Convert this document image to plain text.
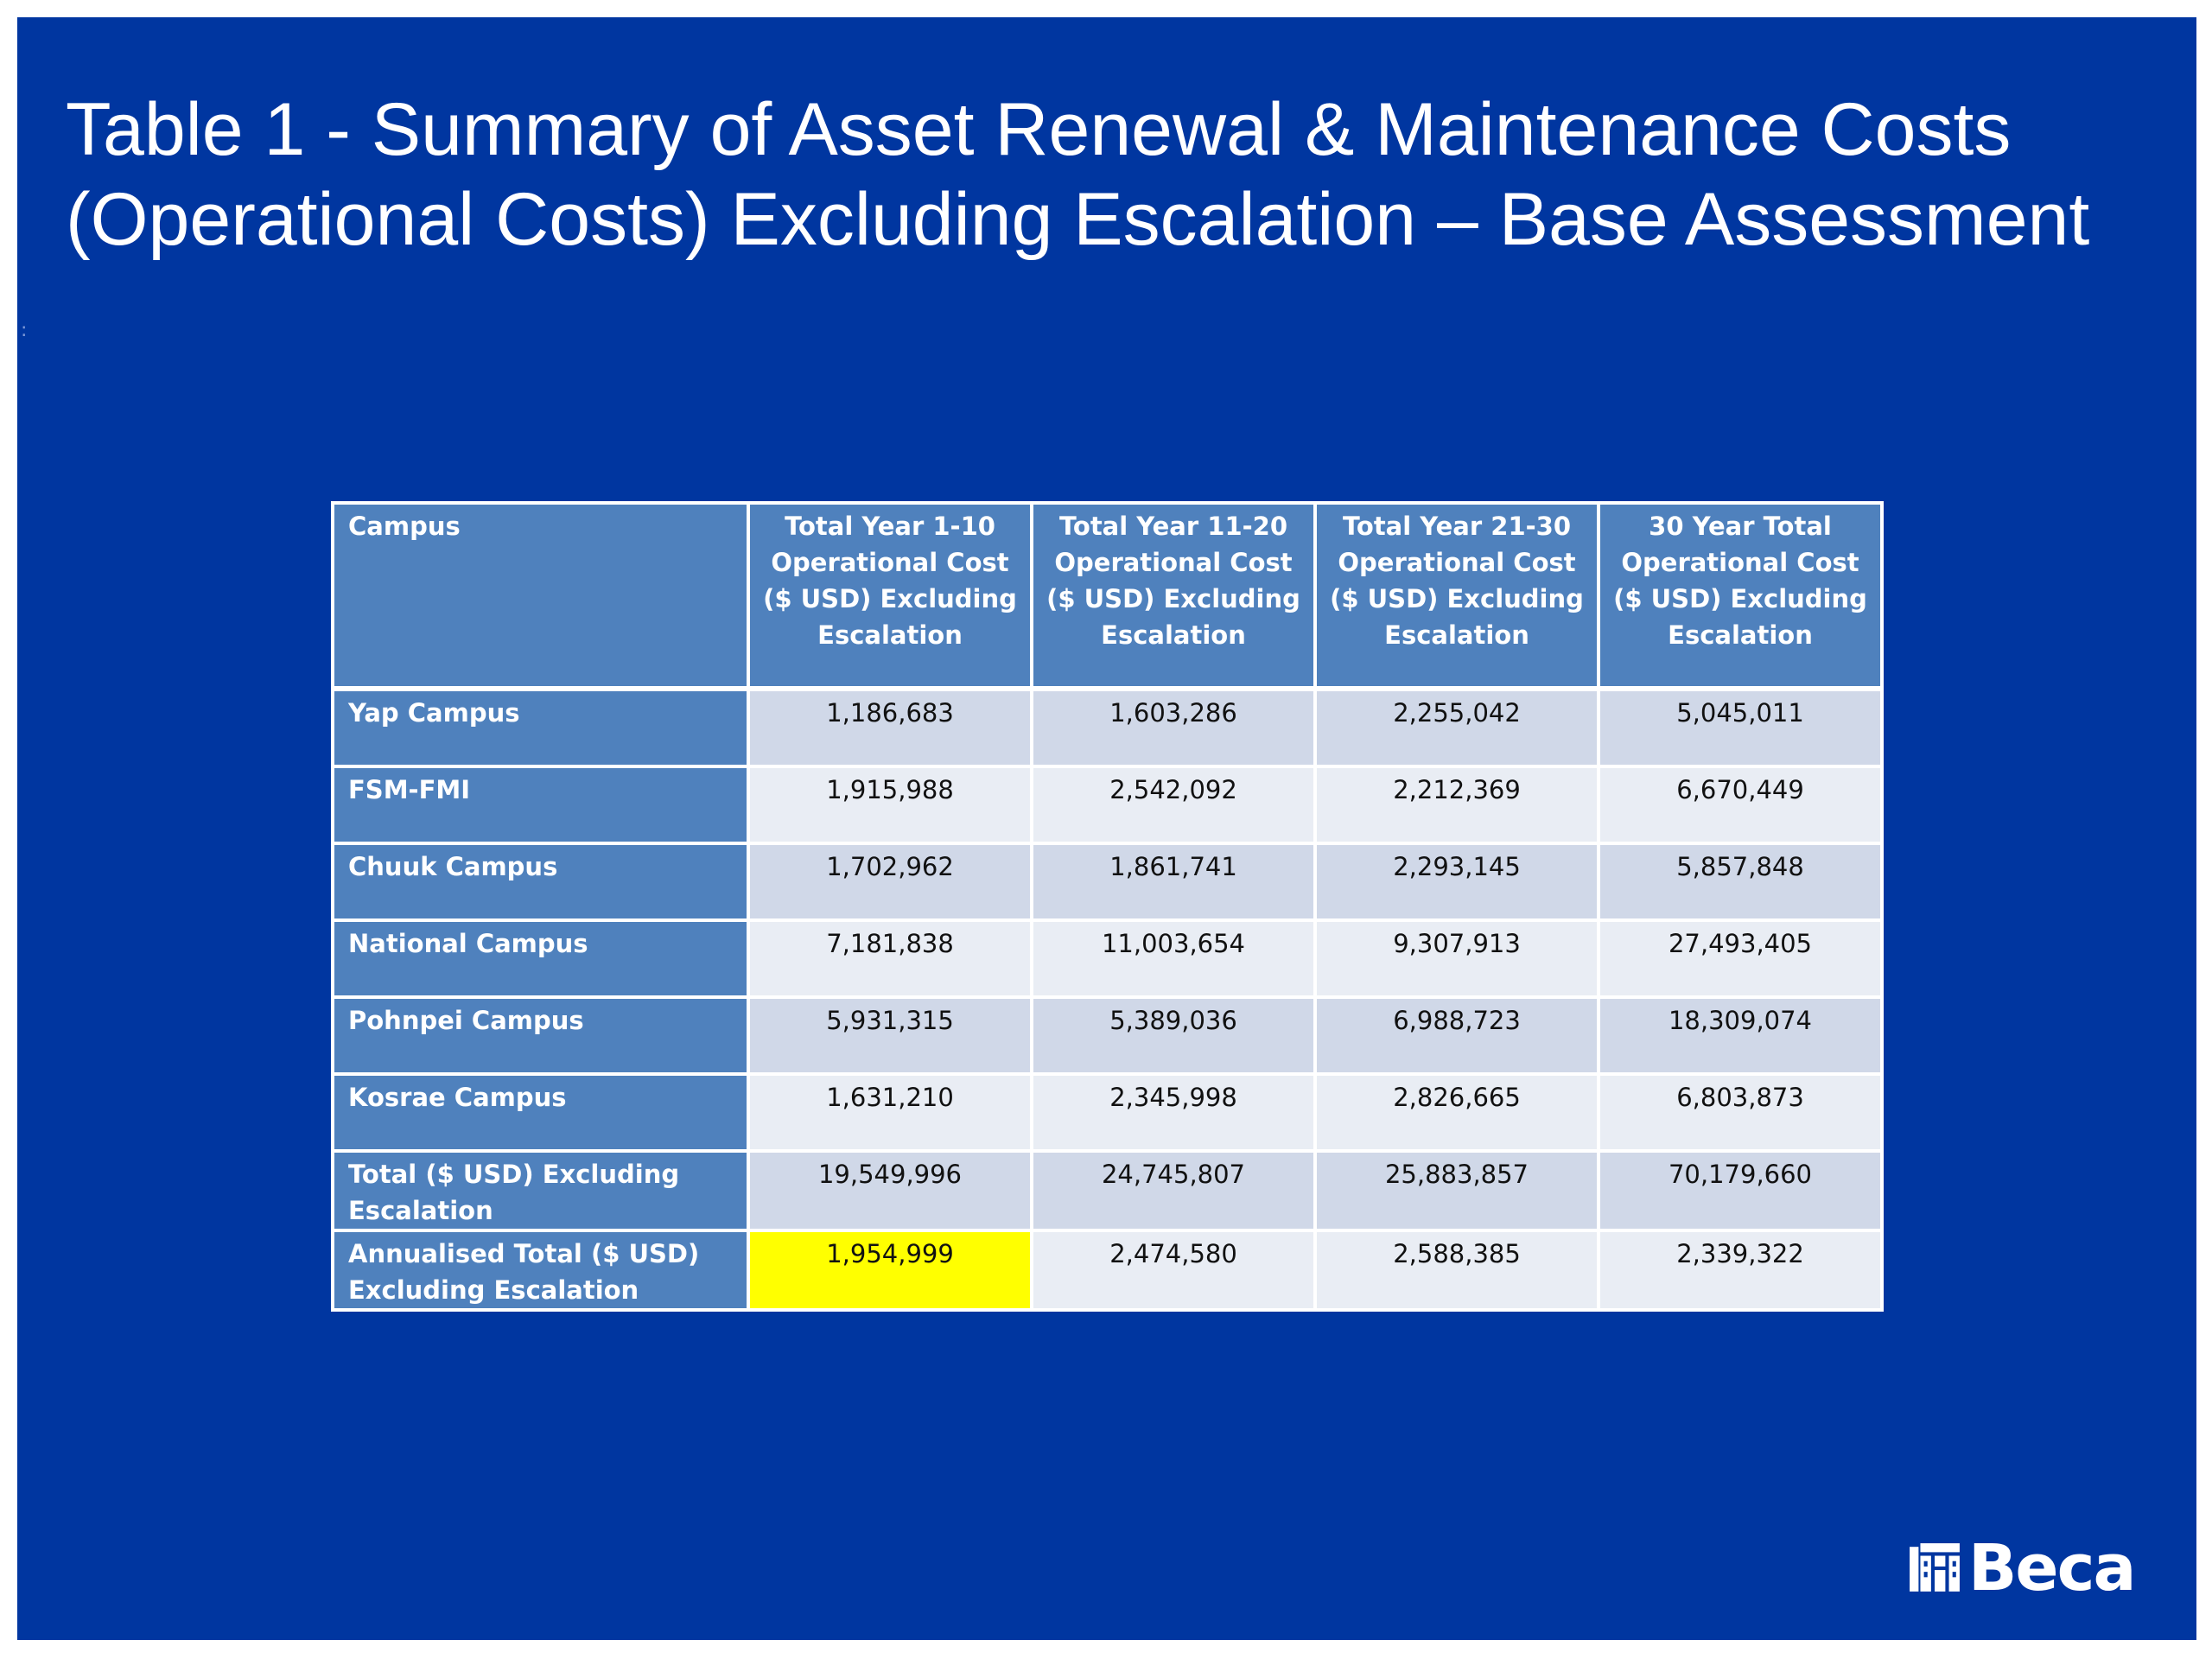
Table 1 - Summary of Asset Renewal & Maintenance Costs
(Operational Costs) Excluding Escalation – Base Assessment
:
Campus	Total Year 1-10 Operational Cost ($ USD) Excluding Escalation	Total Year 11-20 Operational Cost ($ USD) Excluding Escalation	Total Year 21-30 Operational Cost ($ USD) Excluding Escalation	30 Year Total Operational Cost ($ USD) Excluding Escalation
Yap Campus	1,186,683	1,603,286	2,255,042	5,045,011
FSM-FMI	1,915,988	2,542,092	2,212,369	6,670,449
Chuuk Campus	1,702,962	1,861,741	2,293,145	5,857,848
National Campus	7,181,838	11,003,654	9,307,913	27,493,405
Pohnpei Campus	5,931,315	5,389,036	6,988,723	18,309,074
Kosrae Campus	1,631,210	2,345,998	2,826,665	6,803,873
Total ($ USD) Excluding Escalation	19,549,996	24,745,807	25,883,857	70,179,660
Annualised Total ($ USD) Excluding Escalation	1,954,999	2,474,580	2,588,385	2,339,322
Beca
